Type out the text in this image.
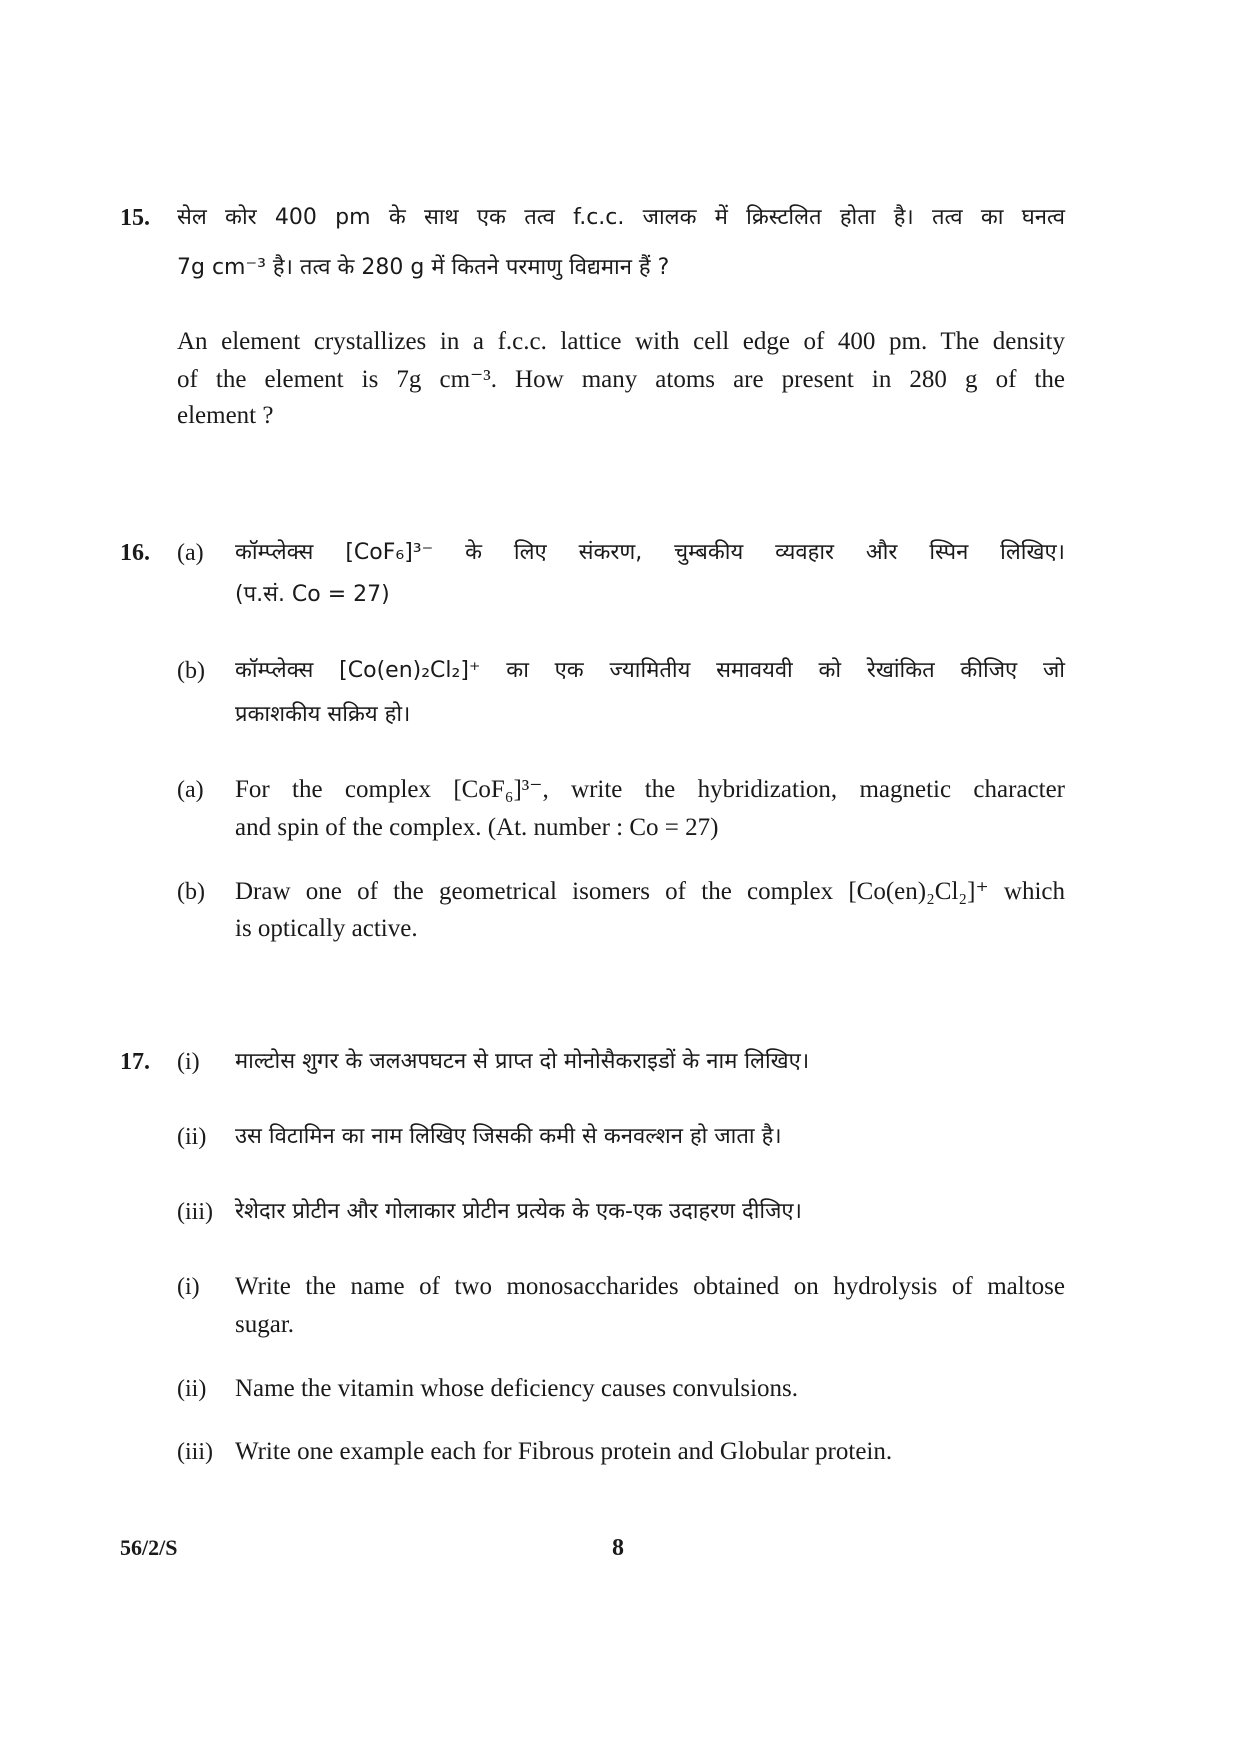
15. सेल कोर 400 pm के साथ एक तत्व f.c.c. जालक में क्रिस्टलित होता है। तत्व का घनत्व
7g cm⁻³ है। तत्व के 280 g में कितने परमाणु विद्यमान हैं ?
An element crystallizes in a f.c.c. lattice with cell edge of 400 pm. The density
of the element is 7g cm⁻³. How many atoms are present in 280 g of the
element ?
16. (a) कॉम्प्लेक्स [CoF₆]³⁻ के लिए संकरण, चुम्बकीय व्यवहार और स्पिन लिखिए।
(प.सं. Co = 27)
(b) कॉम्प्लेक्स [Co(en)₂Cl₂]⁺ का एक ज्यामितीय समावयवी को रेखांकित कीजिए जो
प्रकाशकीय सक्रिय हो।
(a) For the complex [CoF₆]³⁻, write the hybridization, magnetic character
and spin of the complex. (At. number : Co = 27)
(b) Draw one of the geometrical isomers of the complex [Co(en)₂Cl₂]⁺ which
is optically active.
17. (i) माल्टोस शुगर के जलअपघटन से प्राप्त दो मोनोसैकराइडों के नाम लिखिए।
(ii) उस विटामिन का नाम लिखिए जिसकी कमी से कनवल्शन हो जाता है।
(iii) रेशेदार प्रोटीन और गोलाकार प्रोटीन प्रत्येक के एक-एक उदाहरण दीजिए।
(i) Write the name of two monosaccharides obtained on hydrolysis of maltose
sugar.
(ii) Name the vitamin whose deficiency causes convulsions.
(iii) Write one example each for Fibrous protein and Globular protein.
56/2/S	8
